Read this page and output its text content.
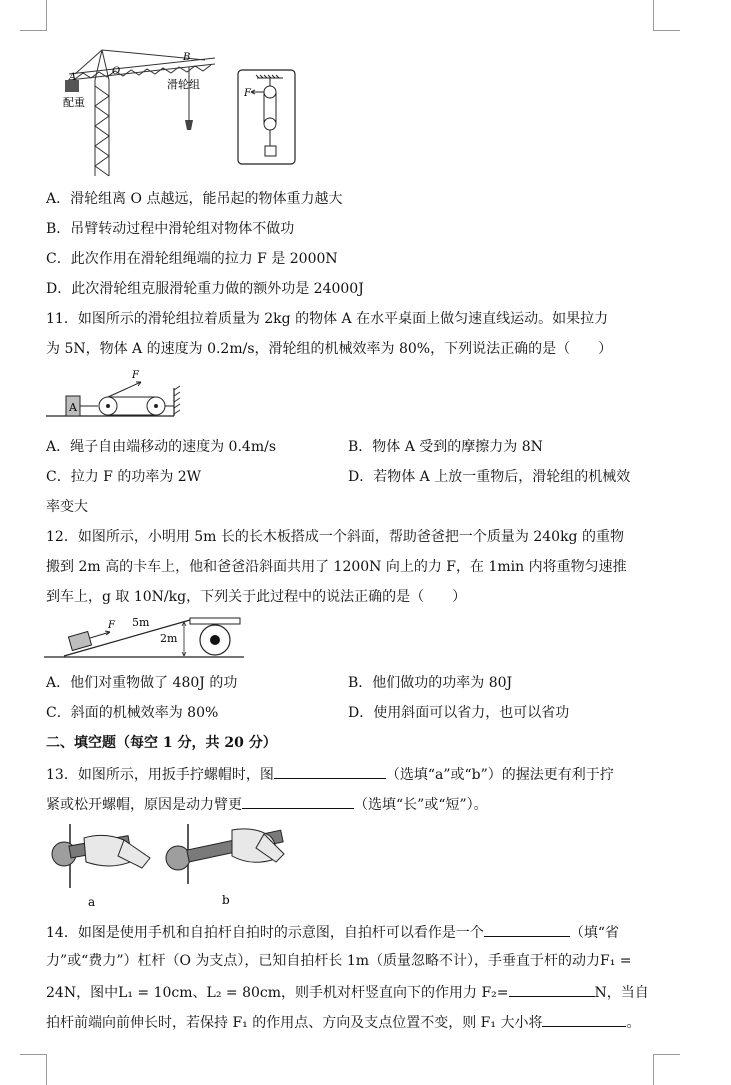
A
O
B
配重
滑轮组
F
A．滑轮组离 O 点越远，能吊起的物体重力越大
B．吊臂转动过程中滑轮组对物体不做功
C．此次作用在滑轮组绳端的拉力 F 是 2000N
D．此次滑轮组克服滑轮重力做的额外功是 24000J
11．如图所示的滑轮组拉着质量为 2kg 的物体 A 在水平桌面上做匀速直线运动。如果拉力
为 5N，物体 A 的速度为 0.2m/s，滑轮组的机械效率为 80%，下列说法正确的是（　　）
A
F
A．绳子自由端移动的速度为 0.4m/s	B．物体 A 受到的摩擦力为 8N
C．拉力 F 的功率为 2W	D．若物体 A 上放一重物后，滑轮组的机械效
率变大
12．如图所示，小明用 5m 长的长木板搭成一个斜面，帮助爸爸把一个质量为 240kg 的重物
搬到 2m 高的卡车上，他和爸爸沿斜面共用了 1200N 向上的力 F，在 1min 内将重物匀速推
到车上，g 取 10N/kg，下列关于此过程中的说法正确的是（　　）
F 5m
2m
A．他们对重物做了 480J 的功	B．他们做功的功率为 80J
C．斜面的机械效率为 80%	D．使用斜面可以省力，也可以省功
二、填空题（每空 1 分，共 20 分）
13．如图所示，用扳手拧螺帽时，图	（选填“a”或“b”）的握法更有利于拧
紧或松开螺帽，原因是动力臂更	（选填“长”或“短”）。
a	b
14．如图是使用手机和自拍杆自拍时的示意图，自拍杆可以看作是一个	（填“省
力”或“费力”）杠杆（O 为支点），已知自拍杆长 1m（质量忽略不计），手垂直于杆的动力F₁ =
24N，图中L₁ = 10cm、L₂ = 80cm，则手机对杆竖直向下的作用力 F₂=	N，当自
拍杆前端向前伸长时，若保持 F₁ 的作用点、方向及支点位置不变，则 F₁ 大小将	。
